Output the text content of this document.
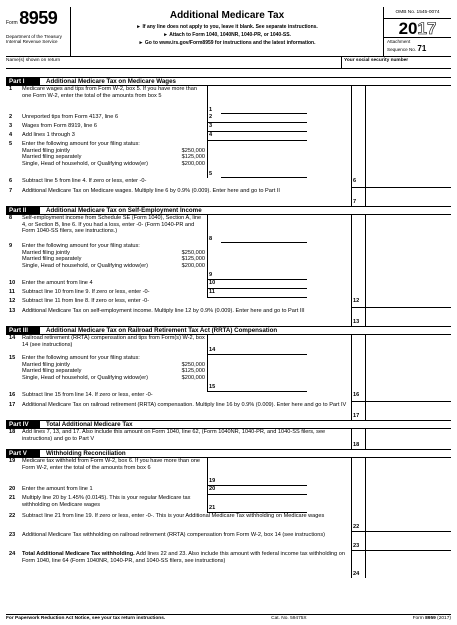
Form 8959
Department of the Treasury
Internal Revenue Service
Additional Medicare Tax
► If any line does not apply to you, leave it blank. See separate instructions.
► Attach to Form 1040, 1040NR, 1040-PR, or 1040-SS.
► Go to www.irs.gov/Form8959 for instructions and the latest information.
OMB No. 1545-0074
2017
Attachment
Sequence No. 71
Name(s) shown on return	Your social security number
Part I	Additional Medicare Tax on Medicare Wages
1	Medicare wages and tips from Form W-2, box 5. If you have more than one Form W-2, enter the total of the amounts from box 5
1
2	Unreported tips from Form 4137, line 6	2
3	Wages from Form 8919, line 6	3
4	Add lines 1 through 3	4
5	Enter the following amount for your filing status:
Married filing jointly	$250,000
Married filing separately	$125,000
Single, Head of household, or Qualifying widow(er)	$200,000
5
6	Subtract line 5 from line 4. If zero or less, enter -0-	6
7	Additional Medicare Tax on Medicare wages. Multiply line 6 by 0.9% (0.009). Enter here and go to Part II
7
Part II	Additional Medicare Tax on Self-Employment Income
8	Self-employment income from Schedule SE (Form 1040), Section A, line 4, or Section B, line 6. If you had a loss, enter -0- (Form 1040-PR and Form 1040-SS filers, see instructions.)
8
9	Enter the following amount for your filing status:
Married filing jointly	$250,000
Married filing separately	$125,000
Single, Head of household, or Qualifying widow(er)	$200,000
9
10	Enter the amount from line 4	10
11	Subtract line 10 from line 9. If zero or less, enter -0-	11
12	Subtract line 11 from line 8. If zero or less, enter -0-	12
13	Additional Medicare Tax on self-employment income. Multiply line 12 by 0.9% (0.009). Enter here and go to Part III
13
Part III	Additional Medicare Tax on Railroad Retirement Tax Act (RRTA) Compensation
14	Railroad retirement (RRTA) compensation and tips from Form(s) W-2, box 14 (see instructions)
14
15	Enter the following amount for your filing status:
Married filing jointly	$250,000
Married filing separately	$125,000
Single, Head of household, or Qualifying widow(er)	$200,000
15
16	Subtract line 15 from line 14. If zero or less, enter -0-	16
17	Additional Medicare Tax on railroad retirement (RRTA) compensation. Multiply line 16 by 0.9% (0.009). Enter here and go to Part IV
17
Part IV	Total Additional Medicare Tax
18	Add lines 7, 13, and 17. Also include this amount on Form 1040, line 62, (Form 1040NR, 1040-PR, and 1040-SS filers, see instructions) and go to Part V
18
Part V	Withholding Reconciliation
19	Medicare tax withheld from Form W-2, box 6. If you have more than one Form W-2, enter the total of the amounts from box 6
19
20	Enter the amount from line 1	20
21	Multiply line 20 by 1.45% (0.0145). This is your regular Medicare tax withholding on Medicare wages
21
22	Subtract line 21 from line 19. If zero or less, enter -0-. This is your Additional Medicare Tax withholding on Medicare wages
22
23	Additional Medicare Tax withholding on railroad retirement (RRTA) compensation from Form W-2, box 14 (see instructions)
23
24	Total Additional Medicare Tax withholding. Add lines 22 and 23. Also include this amount with federal income tax withholding on Form 1040, line 64 (Form 1040NR, 1040-PR, and 1040-SS filers, see instructions)
24
For Paperwork Reduction Act Notice, see your tax return instructions.	Cat. No. 59475X	Form 8959 (2017)
